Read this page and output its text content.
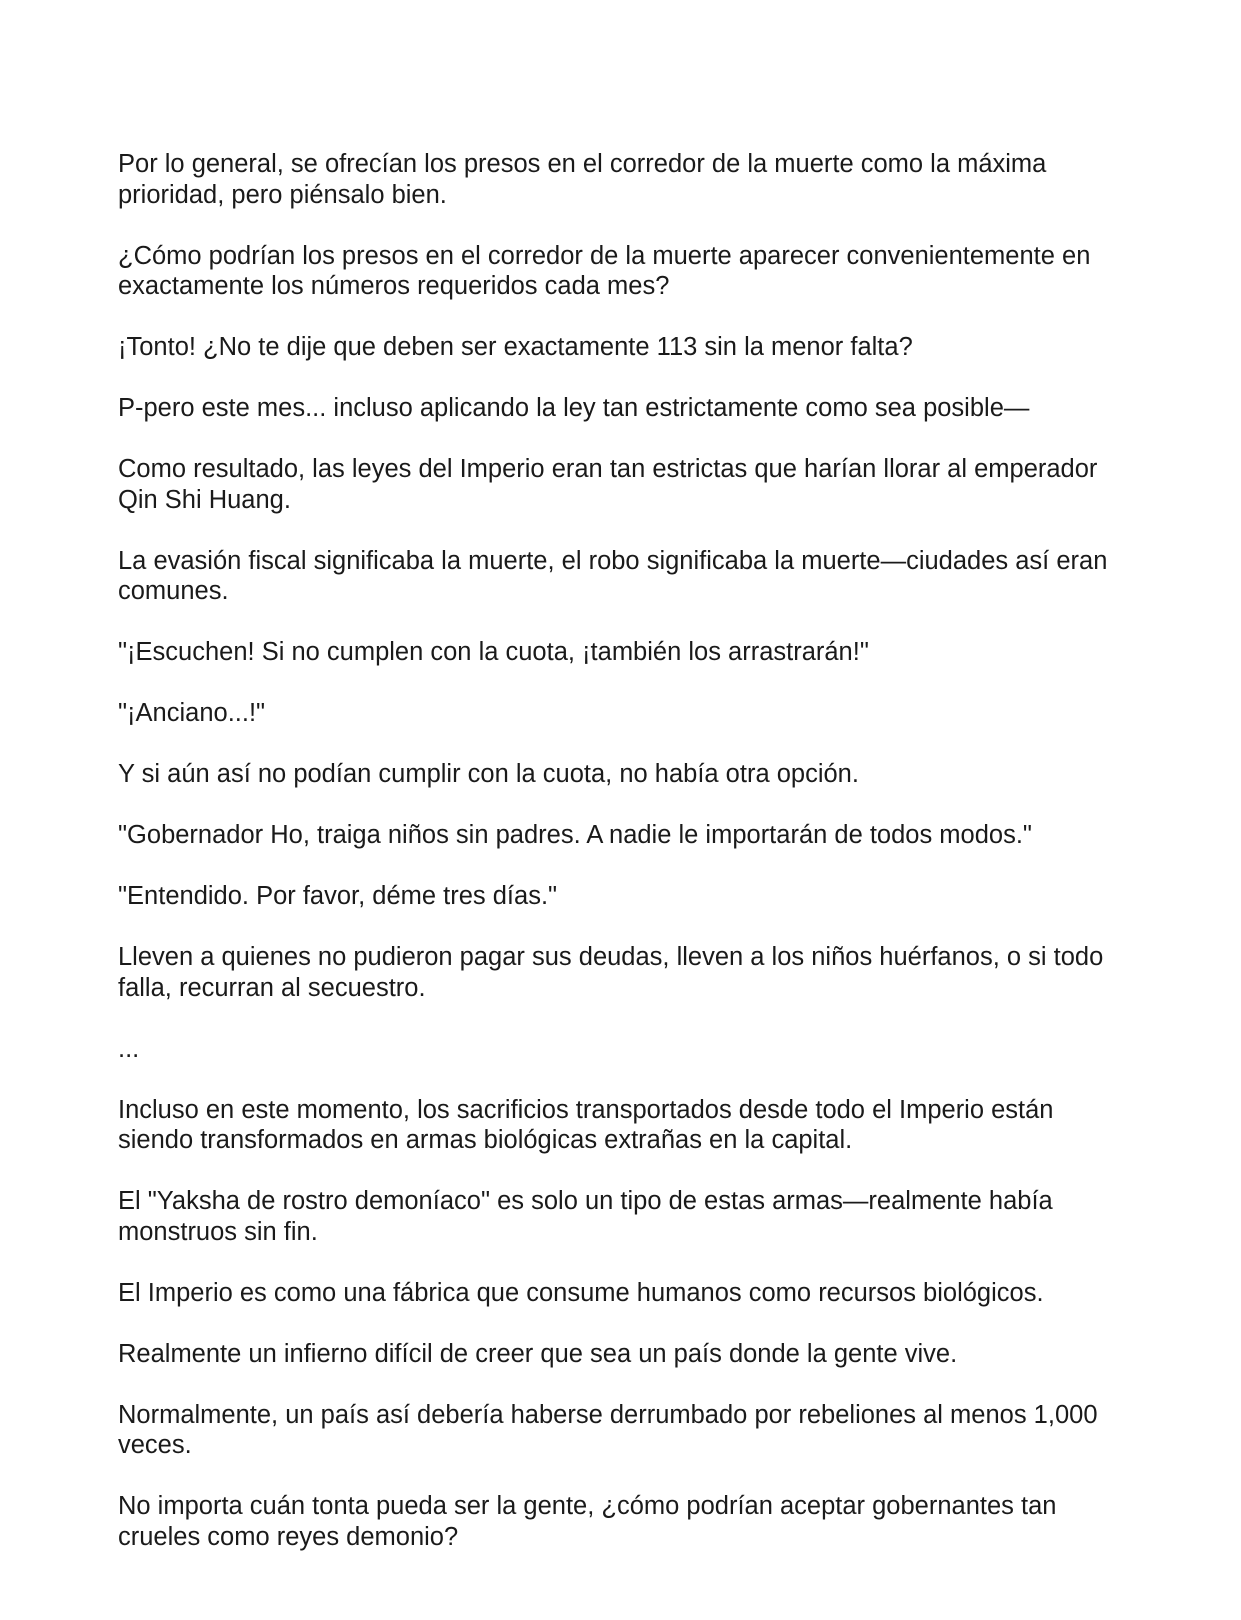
Por lo general, se ofrecían los presos en el corredor de la muerte como la máxima prioridad, pero piénsalo bien.

¿Cómo podrían los presos en el corredor de la muerte aparecer convenientemente en exactamente los números requeridos cada mes?

¡Tonto! ¿No te dije que deben ser exactamente 113 sin la menor falta?

P-pero este mes... incluso aplicando la ley tan estrictamente como sea posible—

Como resultado, las leyes del Imperio eran tan estrictas que harían llorar al emperador Qin Shi Huang.

La evasión fiscal significaba la muerte, el robo significaba la muerte—ciudades así eran comunes.

"¡Escuchen! Si no cumplen con la cuota, ¡también los arrastrarán!"

"¡Anciano...!"

Y si aún así no podían cumplir con la cuota, no había otra opción.

"Gobernador Ho, traiga niños sin padres. A nadie le importarán de todos modos."

"Entendido. Por favor, déme tres días."

Lleven a quienes no pudieron pagar sus deudas, lleven a los niños huérfanos, o si todo falla, recurran al secuestro.

...

Incluso en este momento, los sacrificios transportados desde todo el Imperio están siendo transformados en armas biológicas extrañas en la capital.

El "Yaksha de rostro demoníaco" es solo un tipo de estas armas—realmente había monstruos sin fin.

El Imperio es como una fábrica que consume humanos como recursos biológicos.

Realmente un infierno difícil de creer que sea un país donde la gente vive.

Normalmente, un país así debería haberse derrumbado por rebeliones al menos 1,000 veces.

No importa cuán tonta pueda ser la gente, ¿cómo podrían aceptar gobernantes tan crueles como reyes demonio?
